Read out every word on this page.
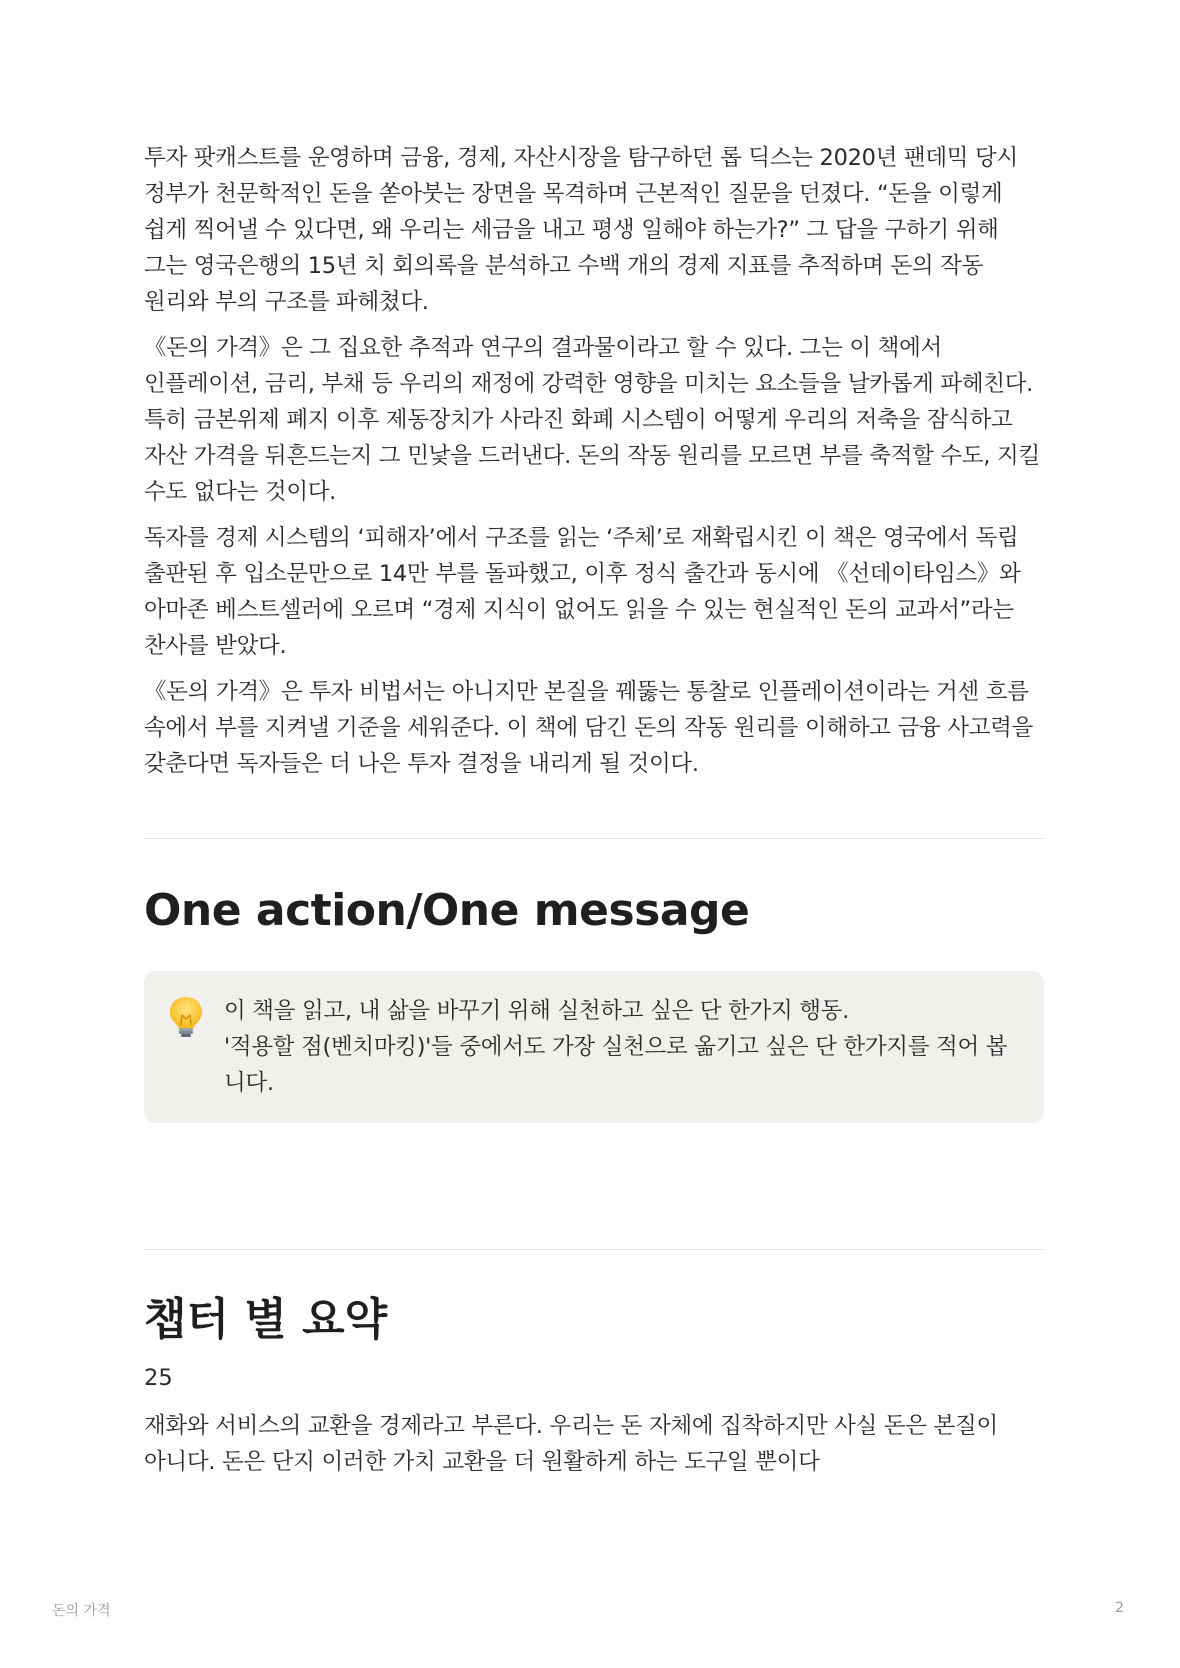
투자 팟캐스트를 운영하며 금융, 경제, 자산시장을 탐구하던 롭 딕스는 2020년 팬데믹 당시 정부가 천문학적인 돈을 쏟아붓는 장면을 목격하며 근본적인 질문을 던졌다. “돈을 이렇게 쉽게 찍어낼 수 있다면, 왜 우리는 세금을 내고 평생 일해야 하는가?” 그 답을 구하기 위해 그는 영국은행의 15년 치 회의록을 분석하고 수백 개의 경제 지표를 추적하며 돈의 작동 원리와 부의 구조를 파헤쳤다.

《돈의 가격》은 그 집요한 추적과 연구의 결과물이라고 할 수 있다. 그는 이 책에서 인플레이션, 금리, 부채 등 우리의 재정에 강력한 영향을 미치는 요소들을 날카롭게 파헤친다. 특히 금본위제 폐지 이후 제동장치가 사라진 화폐 시스템이 어떻게 우리의 저축을 잠식하고 자산 가격을 뒤흔드는지 그 민낯을 드러낸다. 돈의 작동 원리를 모르면 부를 축적할 수도, 지킬 수도 없다는 것이다.

독자를 경제 시스템의 ‘피해자’에서 구조를 읽는 ‘주체’로 재확립시킨 이 책은 영국에서 독립 출판된 후 입소문만으로 14만 부를 돌파했고, 이후 정식 출간과 동시에 《선데이타임스》와 아마존 베스트셀러에 오르며 “경제 지식이 없어도 읽을 수 있는 현실적인 돈의 교과서”라는 찬사를 받았다.

《돈의 가격》은 투자 비법서는 아니지만 본질을 꿰뚫는 통찰로 인플레이션이라는 거센 흐름 속에서 부를 지켜낼 기준을 세워준다. 이 책에 담긴 돈의 작동 원리를 이해하고 금융 사고력을 갖춘다면 독자들은 더 나은 투자 결정을 내리게 될 것이다.

One action/One message
이 책을 읽고, 내 삶을 바꾸기 위해 실천하고 싶은 단 한가지 행동.
'적용할 점(벤치마킹)'들 중에서도 가장 실천으로 옮기고 싶은 단 한가지를 적어 봅니다.
챕터 별 요약
25

재화와 서비스의 교환을 경제라고 부른다. 우리는 돈 자체에 집착하지만 사실 돈은 본질이 아니다. 돈은 단지 이러한 가치 교환을 더 원활하게 하는 도구일 뿐이다

돈의 가격	2
